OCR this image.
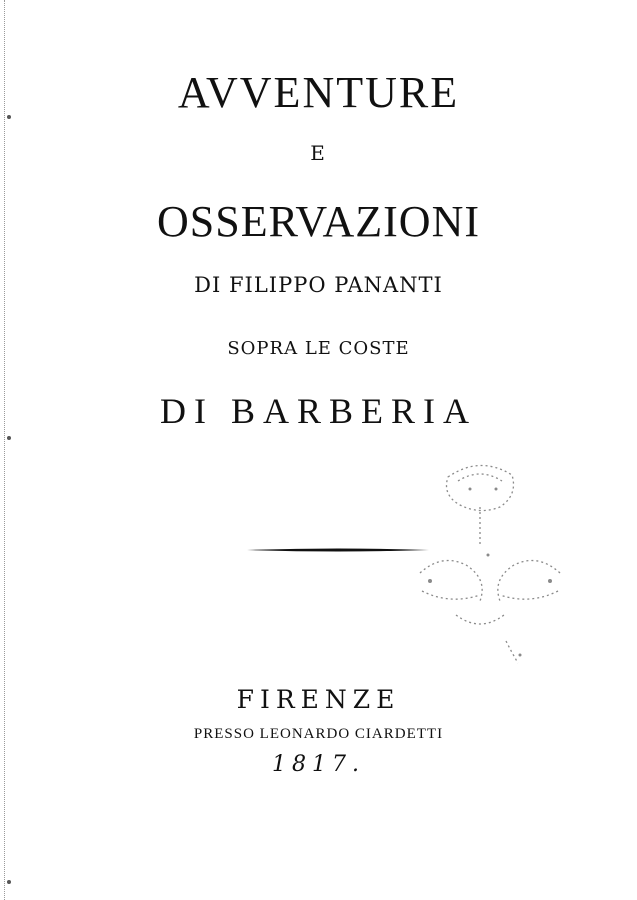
AVVENTURE
E
OSSERVAZIONI
DI FILIPPO PANANTI
SOPRA LE COSTE
DI BARBERIA
FIRENZE
PRESSO LEONARDO CIARDETTI
1817.
